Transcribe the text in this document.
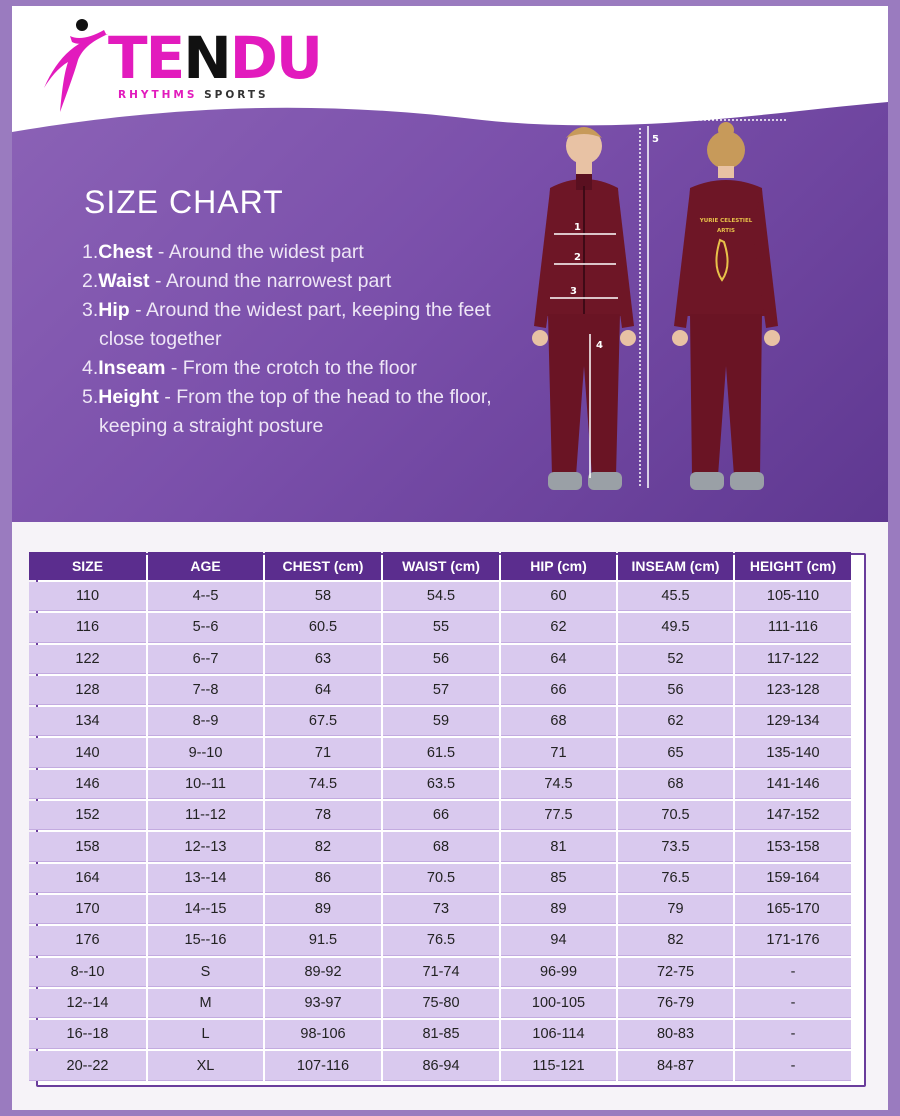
TENDU
RHYTHMS SPORTS
SIZE CHART
1.Chest - Around the widest part
2.Waist - Around the narrowest part
3.Hip - Around the widest part, keeping the feet close together
4.Inseam - From the crotch to the floor
5.Height - From the top of the head to the floor, keeping a straight posture
1
2
3
4
5
YURIE CELESTIEL
ARTIS
SIZE	AGE	CHEST (cm)	WAIST (cm)	HIP (cm)	INSEAM (cm)	HEIGHT (cm)
110	4--5	58	54.5	60	45.5	105-110
116	5--6	60.5	55	62	49.5	111-116
122	6--7	63	56	64	52	117-122
128	7--8	64	57	66	56	123-128
134	8--9	67.5	59	68	62	129-134
140	9--10	71	61.5	71	65	135-140
146	10--11	74.5	63.5	74.5	68	141-146
152	11--12	78	66	77.5	70.5	147-152
158	12--13	82	68	81	73.5	153-158
164	13--14	86	70.5	85	76.5	159-164
170	14--15	89	73	89	79	165-170
176	15--16	91.5	76.5	94	82	171-176
8--10	S	89-92	71-74	96-99	72-75	-
12--14	M	93-97	75-80	100-105	76-79	-
16--18	L	98-106	81-85	106-114	80-83	-
20--22	XL	107-116	86-94	115-121	84-87	-
